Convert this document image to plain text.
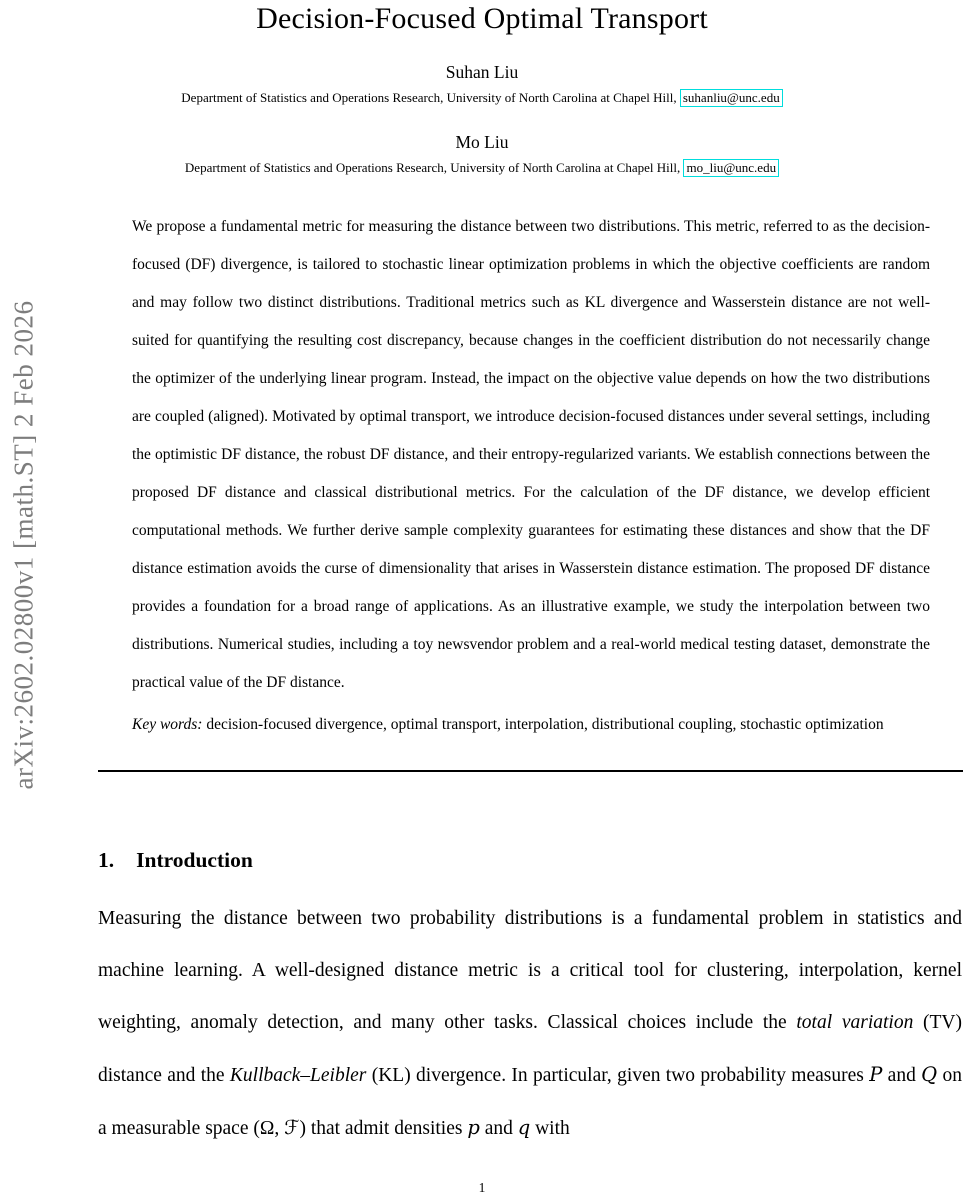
arXiv:2602.02800v1 [math.ST] 2 Feb 2026
Decision-Focused Optimal Transport
Suhan Liu
Department of Statistics and Operations Research, University of North Carolina at Chapel Hill, suhanliu@unc.edu
Mo Liu
Department of Statistics and Operations Research, University of North Carolina at Chapel Hill, mo_liu@unc.edu
We propose a fundamental metric for measuring the distance between two distributions. This metric, referred to as the decision-focused (DF) divergence, is tailored to stochastic linear optimization problems in which the objective coefficients are random and may follow two distinct distributions. Traditional metrics such as KL divergence and Wasserstein distance are not well-suited for quantifying the resulting cost discrepancy, because changes in the coefficient distribution do not necessarily change the optimizer of the underlying linear program. Instead, the impact on the objective value depends on how the two distributions are coupled (aligned). Motivated by optimal transport, we introduce decision-focused distances under several settings, including the optimistic DF distance, the robust DF distance, and their entropy-regularized variants. We establish connections between the proposed DF distance and classical distributional metrics. For the calculation of the DF distance, we develop efficient computational methods. We further derive sample complexity guarantees for estimating these distances and show that the DF distance estimation avoids the curse of dimensionality that arises in Wasserstein distance estimation. The proposed DF distance provides a foundation for a broad range of applications. As an illustrative example, we study the interpolation between two distributions. Numerical studies, including a toy newsvendor problem and a real-world medical testing dataset, demonstrate the practical value of the DF distance.
Key words: decision-focused divergence, optimal transport, interpolation, distributional coupling, stochastic optimization
1. Introduction

Measuring the distance between two probability distributions is a fundamental problem in statistics and machine learning. A well-designed distance metric is a critical tool for clustering, interpolation, kernel weighting, anomaly detection, and many other tasks. Classical choices include the total variation (TV) distance and the Kullback–Leibler (KL) divergence. In particular, given two probability measures P and Q on a measurable space (Ω, ℱ) that admit densities p and q with

1
